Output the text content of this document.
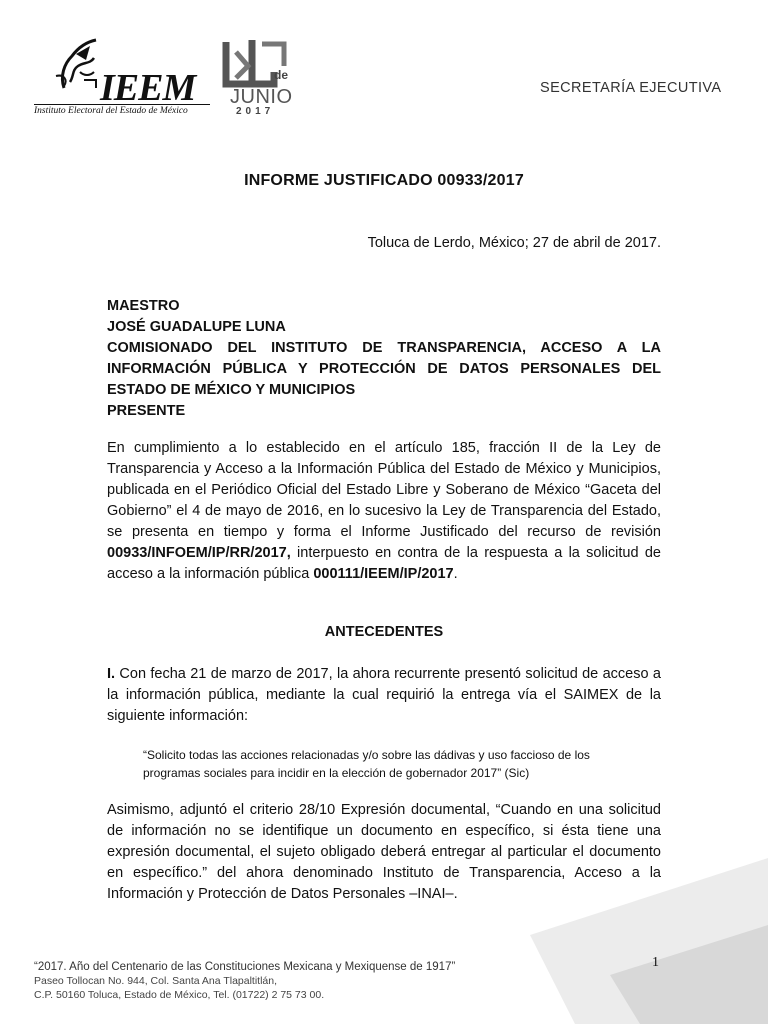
IEEM
Instituto Electoral del Estado de México
de
JUNIO
2017
SECRETARÍA EJECUTIVA
INFORME JUSTIFICADO 00933/2017
Toluca de Lerdo, México; 27 de abril de 2017.
MAESTRO
JOSÉ GUADALUPE LUNA
COMISIONADO DEL INSTITUTO DE TRANSPARENCIA, ACCESO A LA INFORMACIÓN PÚBLICA Y PROTECCIÓN DE DATOS PERSONALES DEL ESTADO DE MÉXICO Y MUNICIPIOS
PRESENTE
En cumplimiento a lo establecido en el artículo 185, fracción II de la Ley de Transparencia y Acceso a la Información Pública del Estado de México y Municipios, publicada en el Periódico Oficial del Estado Libre y Soberano de México “Gaceta del Gobierno” el 4 de mayo de 2016, en lo sucesivo la Ley de Transparencia del Estado, se presenta en tiempo y forma el Informe Justificado del recurso de revisión 00933/INFOEM/IP/RR/2017, interpuesto en contra de la respuesta a la solicitud de acceso a la información pública 000111/IEEM/IP/2017.
ANTECEDENTES
I. Con fecha 21 de marzo de 2017, la ahora recurrente presentó solicitud de acceso a la información pública, mediante la cual requirió la entrega vía el SAIMEX de la siguiente información:
“Solicito todas las acciones relacionadas y/o sobre las dádivas y uso faccioso de los programas sociales para incidir en la elección de gobernador 2017” (Sic)
Asimismo, adjuntó el criterio 28/10 Expresión documental, “Cuando en una solicitud de información no se identifique un documento en específico, si ésta tiene una expresión documental, el sujeto obligado deberá entregar al particular el documento en específico.” del ahora denominado Instituto de Transparencia, Acceso a la Información y Protección de Datos Personales –INAI–.
“2017. Año del Centenario de las Constituciones Mexicana y Mexiquense de 1917”
Paseo Tollocan No. 944, Col. Santa Ana Tlapaltitlán,
C.P. 50160 Toluca, Estado de México, Tel. (01722) 2 75 73 00.
1
